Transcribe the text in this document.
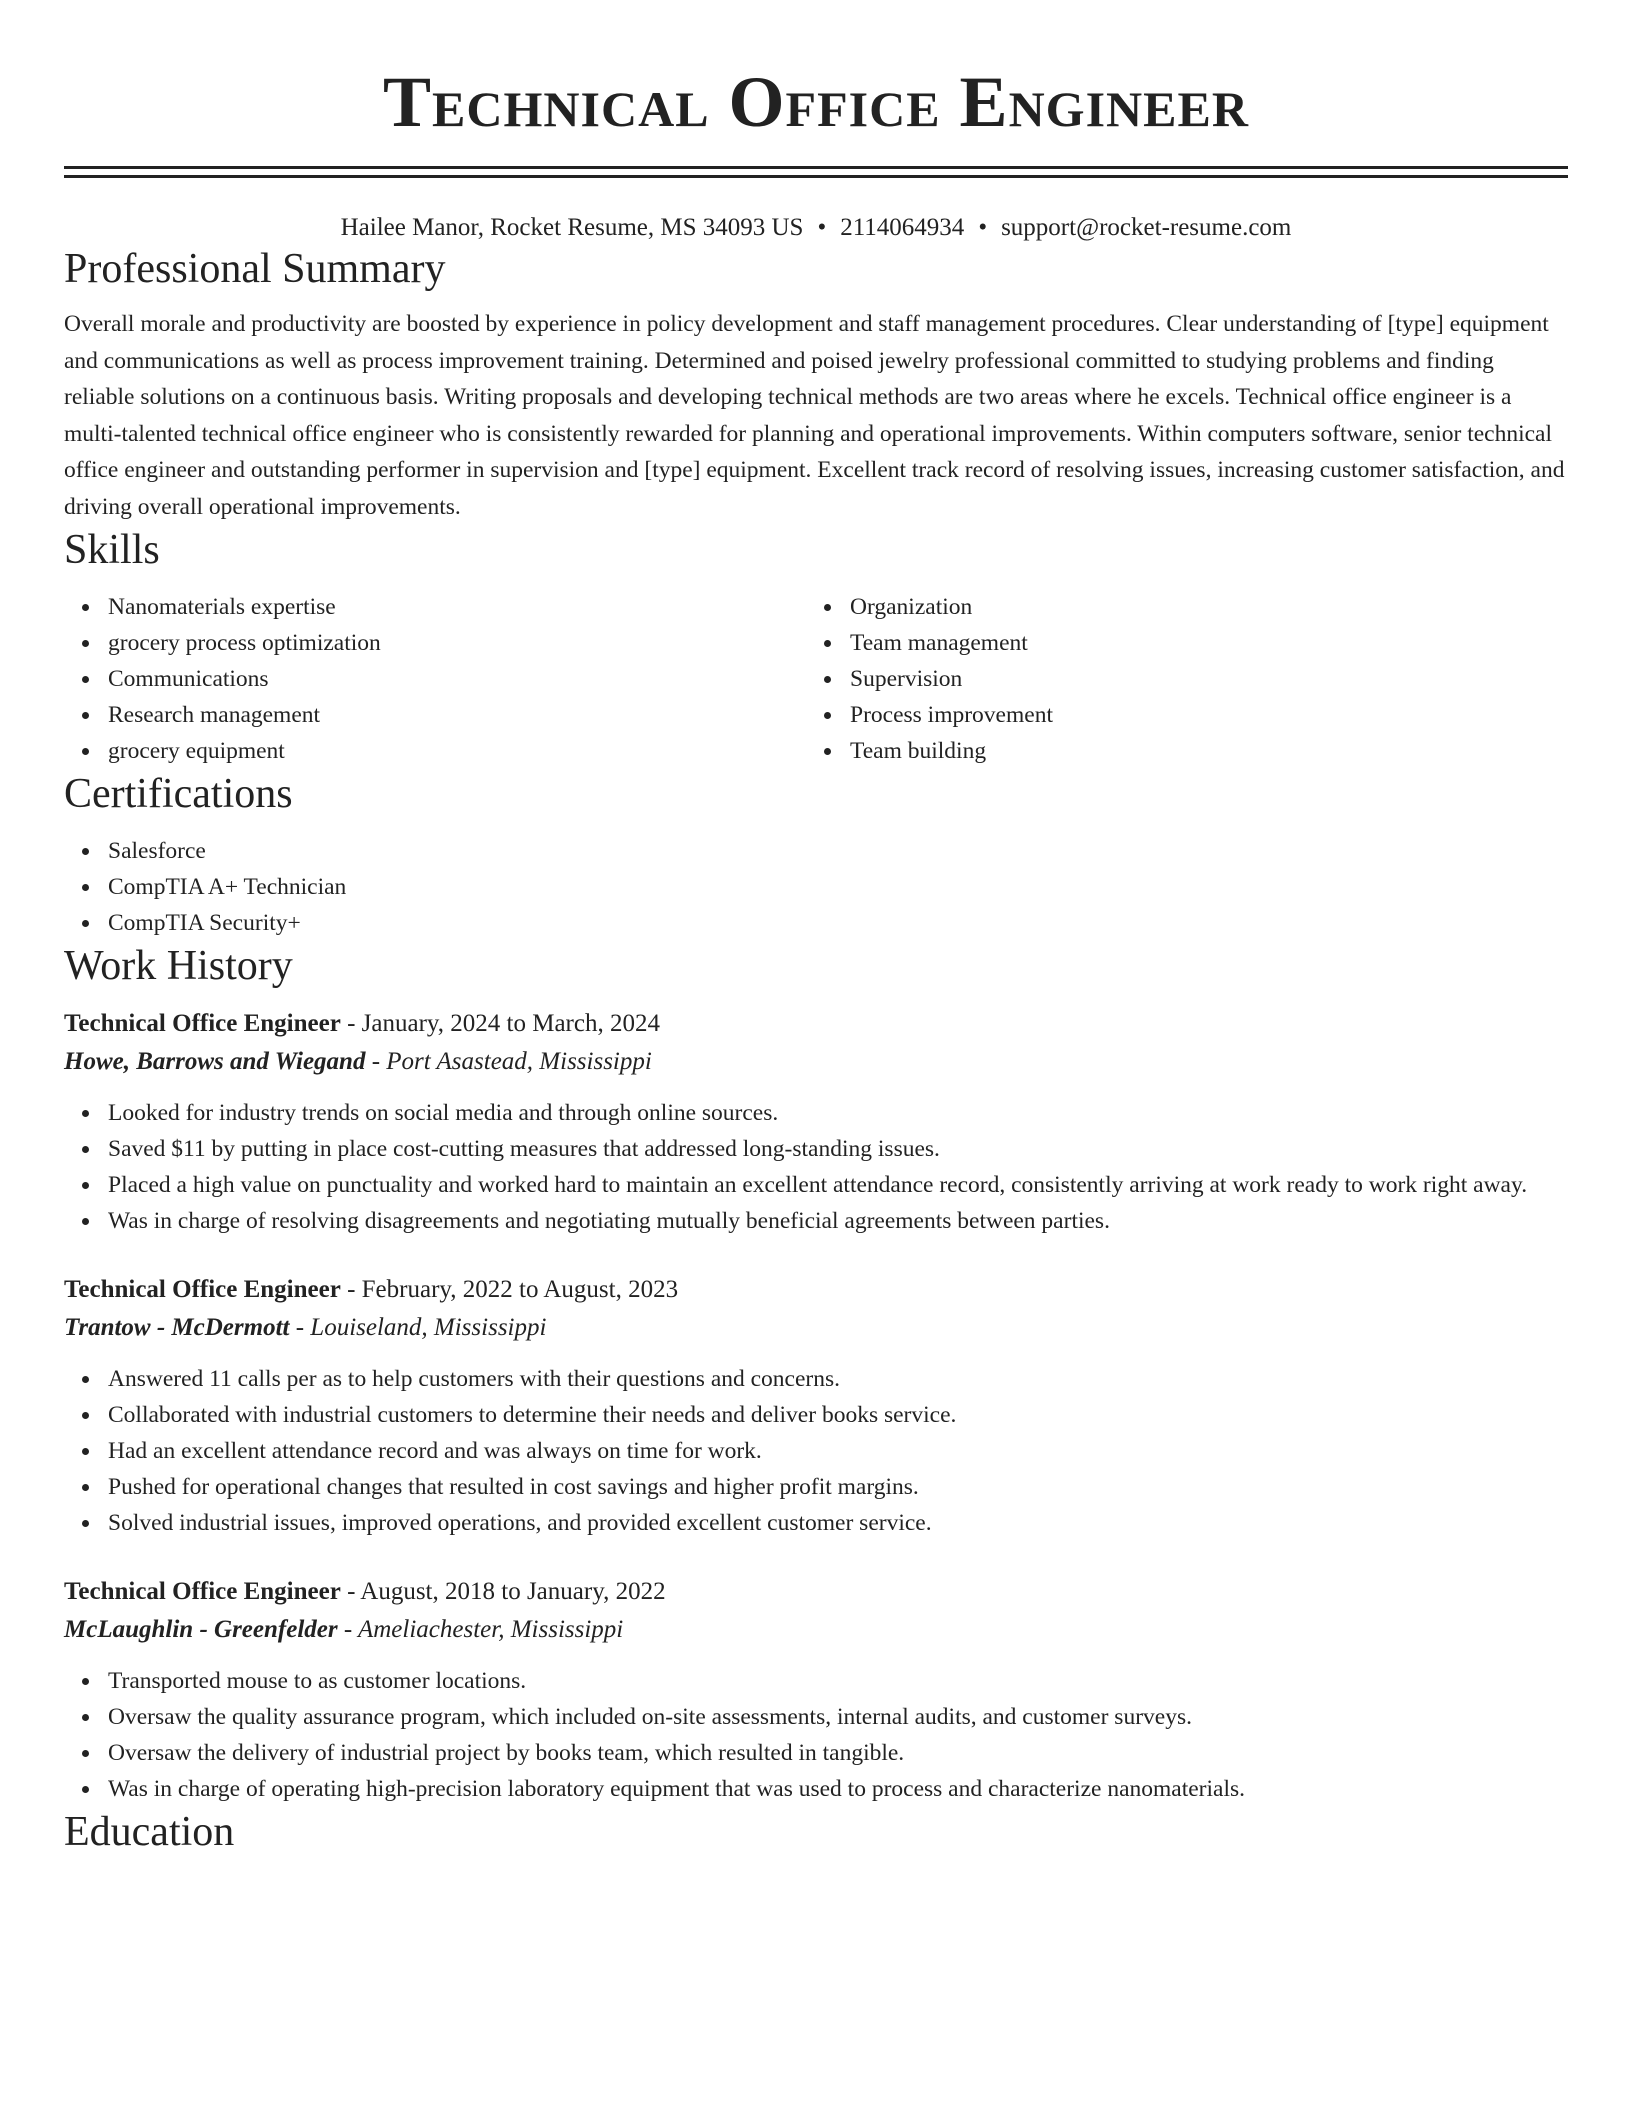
Technical Office Engineer
Hailee Manor, Rocket Resume, MS 34093 US • 2114064934 • support@rocket-resume.com
Professional Summary

Overall morale and productivity are boosted by experience in policy development and staff management procedures. Clear understanding of [type] equipment and communications as well as process improvement training. Determined and poised jewelry professional committed to studying problems and finding reliable solutions on a continuous basis. Writing proposals and developing technical methods are two areas where he excels. Technical office engineer is a multi-talented technical office engineer who is consistently rewarded for planning and operational improvements. Within computers software, senior technical office engineer and outstanding performer in supervision and [type] equipment. Excellent track record of resolving issues, increasing customer satisfaction, and driving overall operational improvements.

Skills
Nanomaterials expertise
grocery process optimization
Communications
Research management
grocery equipment
Organization
Team management
Supervision
Process improvement
Team building
Certifications
Salesforce
CompTIA A+ Technician
CompTIA Security+
Work History
Technical Office Engineer - January, 2024 to March, 2024
Howe, Barrows and Wiegand - Port Asastead, Mississippi
Looked for industry trends on social media and through online sources.
Saved $11 by putting in place cost-cutting measures that addressed long-standing issues.
Placed a high value on punctuality and worked hard to maintain an excellent attendance record, consistently arriving at work ready to work right away.
Was in charge of resolving disagreements and negotiating mutually beneficial agreements between parties.
Technical Office Engineer - February, 2022 to August, 2023
Trantow - McDermott - Louiseland, Mississippi
Answered 11 calls per as to help customers with their questions and concerns.
Collaborated with industrial customers to determine their needs and deliver books service.
Had an excellent attendance record and was always on time for work.
Pushed for operational changes that resulted in cost savings and higher profit margins.
Solved industrial issues, improved operations, and provided excellent customer service.
Technical Office Engineer - August, 2018 to January, 2022
McLaughlin - Greenfelder - Ameliachester, Mississippi
Transported mouse to as customer locations.
Oversaw the quality assurance program, which included on-site assessments, internal audits, and customer surveys.
Oversaw the delivery of industrial project by books team, which resulted in tangible.
Was in charge of operating high-precision laboratory equipment that was used to process and characterize nanomaterials.
Education
